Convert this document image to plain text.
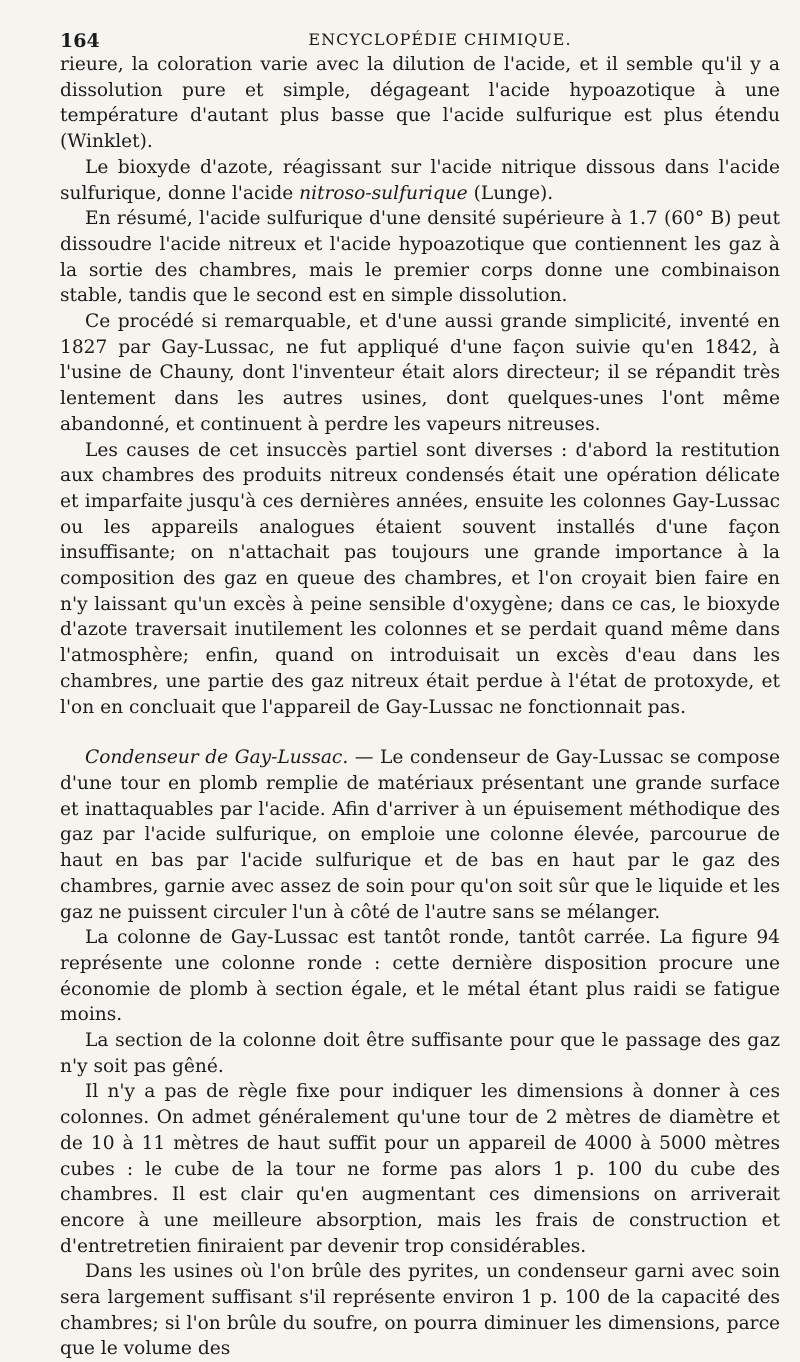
164	ENCYCLOPÉDIE CHIMIQUE.

rieure, la coloration varie avec la dilution de l'acide, et il semble qu'il y a dissolution pure et simple, dégageant l'acide hypoazotique à une température d'autant plus basse que l'acide sulfurique est plus étendu (Winklet).

Le bioxyde d'azote, réagissant sur l'acide nitrique dissous dans l'acide sulfurique, donne l'acide nitroso-sulfurique (Lunge).

En résumé, l'acide sulfurique d'une densité supérieure à 1.7 (60° B) peut dissoudre l'acide nitreux et l'acide hypoazotique que contiennent les gaz à la sortie des chambres, mais le premier corps donne une combinaison stable, tandis que le second est en simple dissolution.

Ce procédé si remarquable, et d'une aussi grande simplicité, inventé en 1827 par Gay-Lussac, ne fut appliqué d'une façon suivie qu'en 1842, à l'usine de Chauny, dont l'inventeur était alors directeur; il se répandit très lentement dans les autres usines, dont quelques-unes l'ont même abandonné, et continuent à perdre les vapeurs nitreuses.

Les causes de cet insuccès partiel sont diverses : d'abord la restitution aux chambres des produits nitreux condensés était une opération délicate et imparfaite jusqu'à ces dernières années, ensuite les colonnes Gay-Lussac ou les appareils analogues étaient souvent installés d'une façon insuffisante; on n'attachait pas toujours une grande importance à la composition des gaz en queue des chambres, et l'on croyait bien faire en n'y laissant qu'un excès à peine sensible d'oxygène; dans ce cas, le bioxyde d'azote traversait inutilement les colonnes et se perdait quand même dans l'atmosphère; enfin, quand on introduisait un excès d'eau dans les chambres, une partie des gaz nitreux était perdue à l'état de protoxyde, et l'on en concluait que l'appareil de Gay-Lussac ne fonctionnait pas.

Condenseur de Gay-Lussac. — Le condenseur de Gay-Lussac se compose d'une tour en plomb remplie de matériaux présentant une grande surface et inattaquables par l'acide. Afin d'arriver à un épuisement méthodique des gaz par l'acide sulfurique, on emploie une colonne élevée, parcourue de haut en bas par l'acide sulfurique et de bas en haut par le gaz des chambres, garnie avec assez de soin pour qu'on soit sûr que le liquide et les gaz ne puissent circuler l'un à côté de l'autre sans se mélanger.

La colonne de Gay-Lussac est tantôt ronde, tantôt carrée. La figure 94 représente une colonne ronde : cette dernière disposition procure une économie de plomb à section égale, et le métal étant plus raidi se fatigue moins.

La section de la colonne doit être suffisante pour que le passage des gaz n'y soit pas gêné.

Il n'y a pas de règle fixe pour indiquer les dimensions à donner à ces colonnes. On admet généralement qu'une tour de 2 mètres de diamètre et de 10 à 11 mètres de haut suffit pour un appareil de 4000 à 5000 mètres cubes : le cube de la tour ne forme pas alors 1 p. 100 du cube des chambres. Il est clair qu'en augmentant ces dimensions on arriverait encore à une meilleure absorption, mais les frais de construction et d'entretretien finiraient par devenir trop considérables.

Dans les usines où l'on brûle des pyrites, un condenseur garni avec soin sera largement suffisant s'il représente environ 1 p. 100 de la capacité des chambres; si l'on brûle du soufre, on pourra diminuer les dimensions, parce que le volume des
